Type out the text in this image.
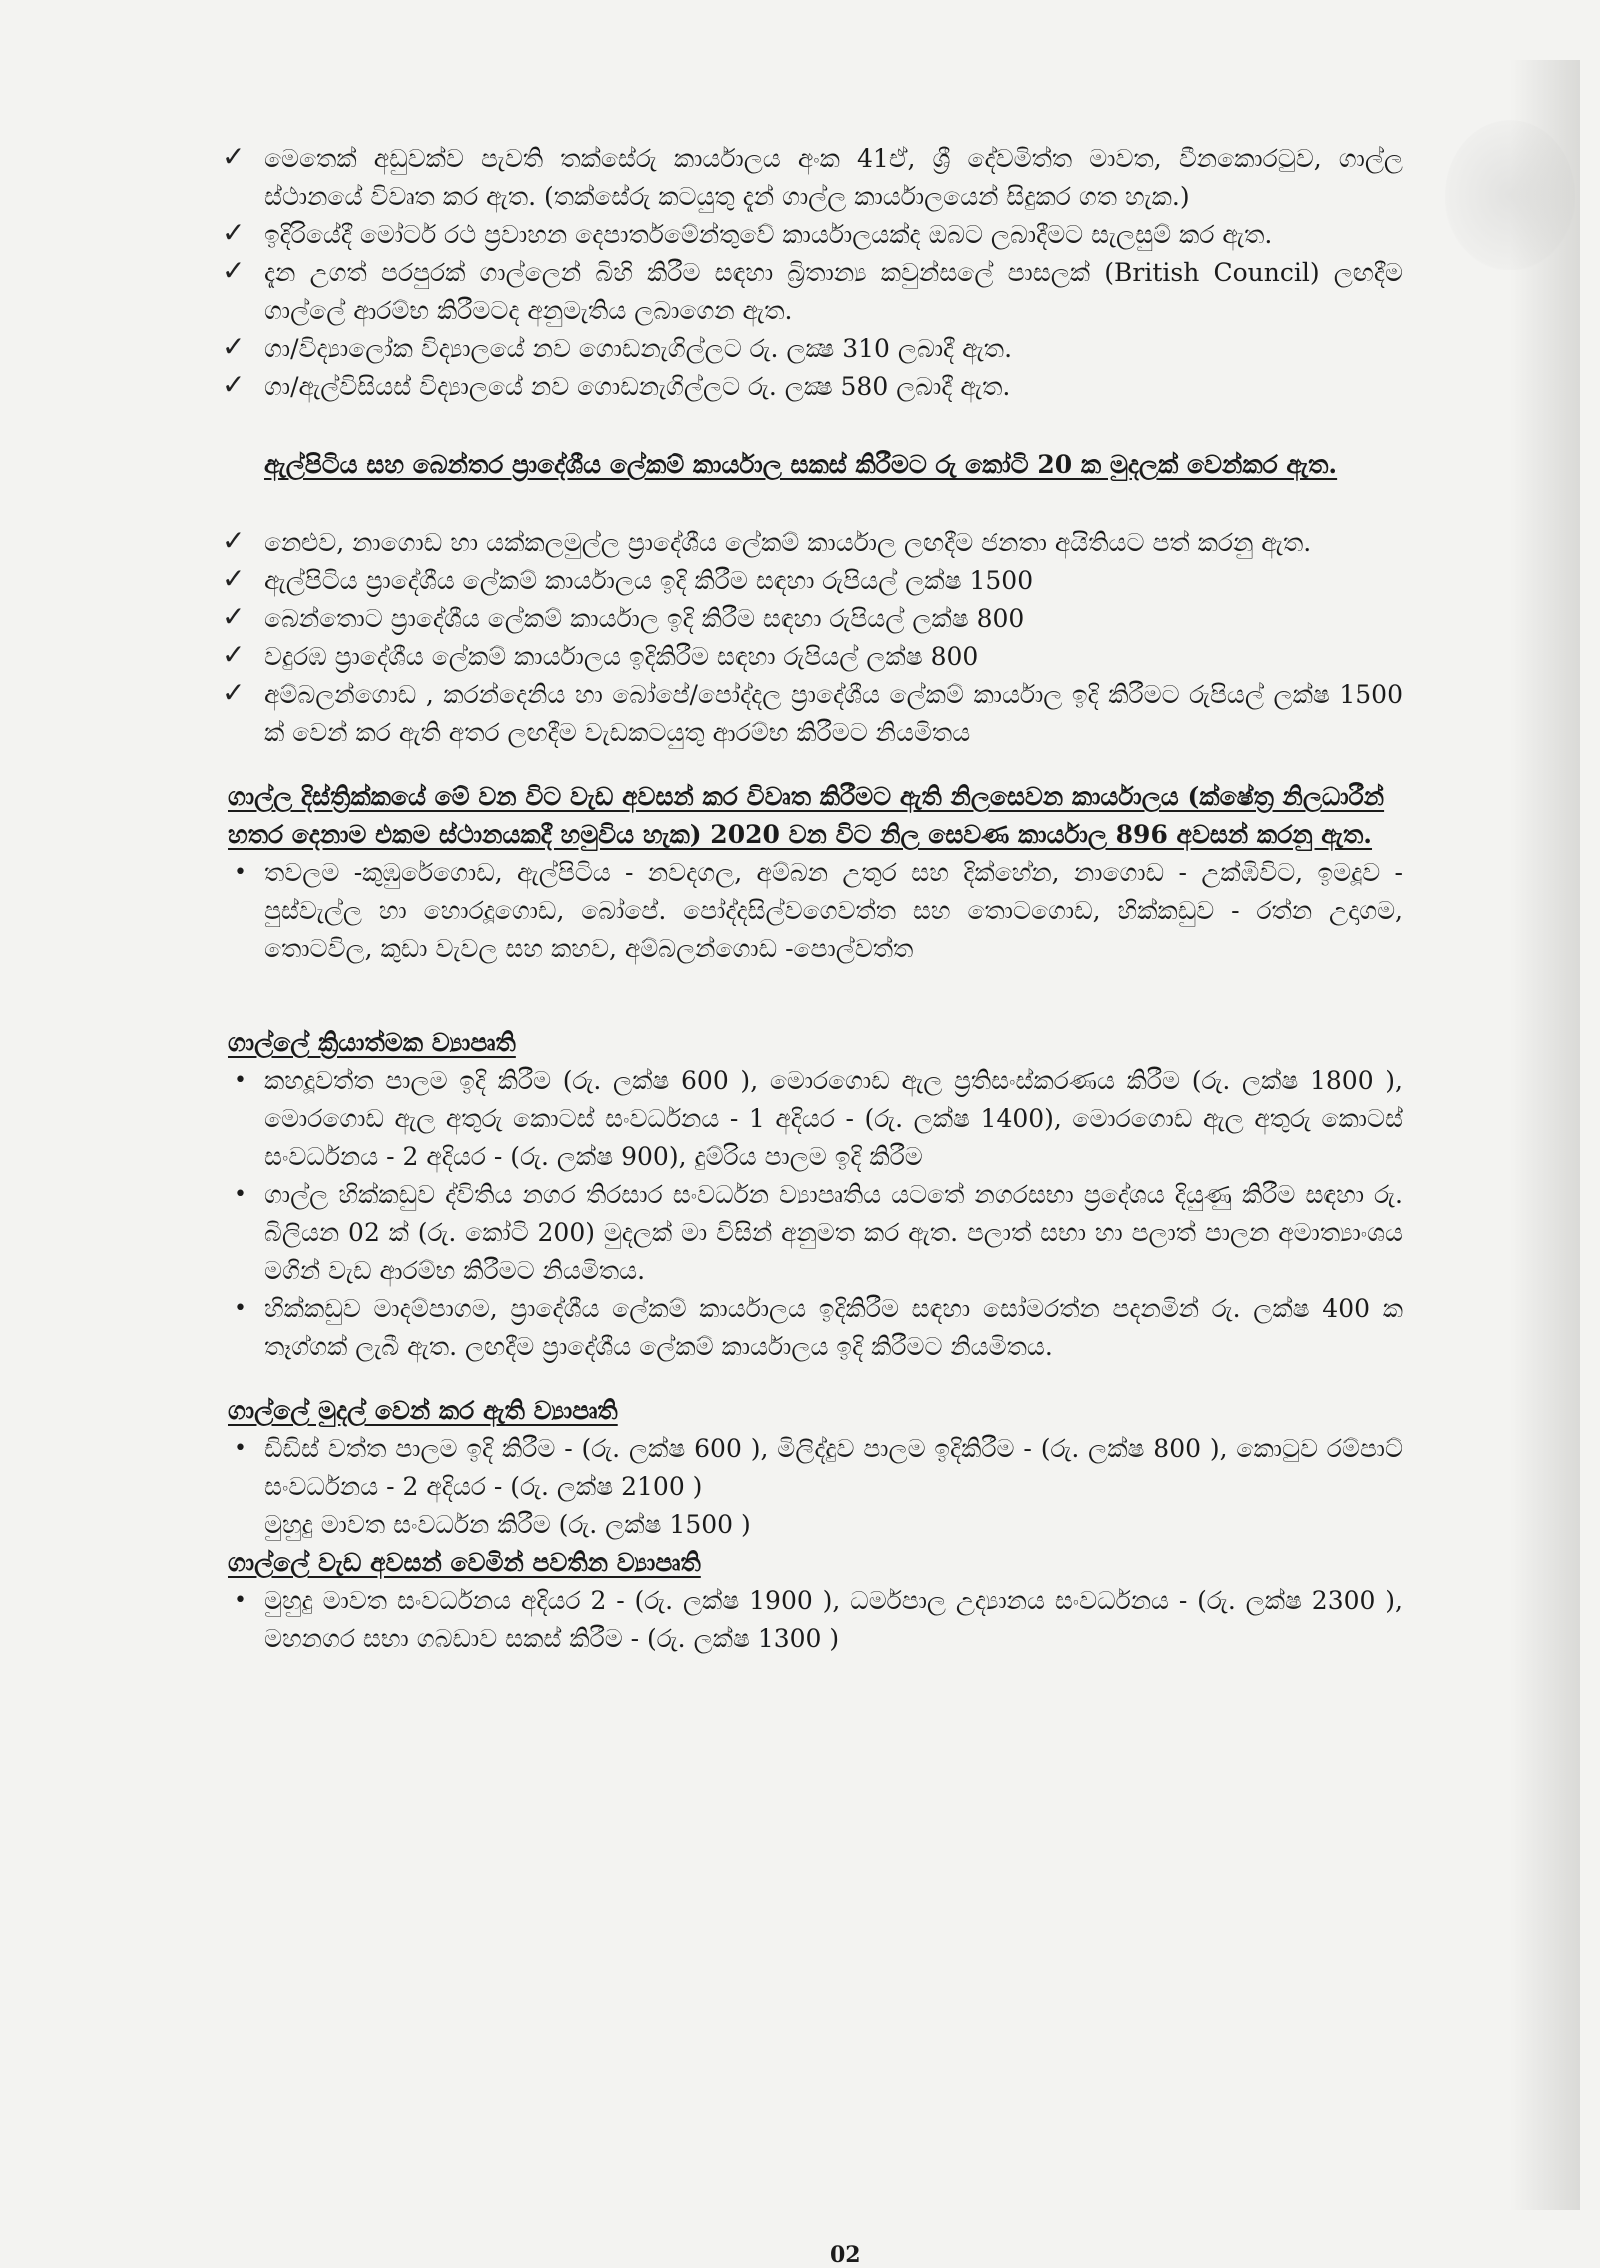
✓ මෙතෙක් අඩුවක්ව පැවති තක්සේරු කාර්යාලය අංක 41ඒ, ශ්‍රී දේවමිත්ත මාවත, වීනකොරටුව, ගාල්ල ස්ථානයේ විවෘත කර ඇත. (තක්සේරු කටයුතු දැන් ගාල්ල කාර්යාලයෙන් සිදුකර ගත හැක.)

✓ ඉදිරියේදී මෝටර් රථ ප්‍රවාහන දෙපාර්තමේන්තුවේ කාර්යාලයක්ද ඔබට ලබාදීමට සැලසුම් කර ඇත.

✓ දැන උගත් පරපුරක් ගාල්ලෙන් බිහි කිරීම සඳහා බ්‍රිතාන්‍ය කවුන්සලේ පාසලක් (British Council) ලඟදීම ගාල්ලේ ආරම්භ කිරීමටද අනුමැතිය ලබාගෙන ඇත.

✓ ගා/විද්‍යාලෝක විද්‍යාලයේ නව ගොඩනැගිල්ලට රු. ලක්‍ෂ 310 ලබාදී ඇත.

✓ ගා/ඇල්විසියස් විද්‍යාලයේ නව ගොඩනැගිල්ලට රු. ලක්‍ෂ 580 ලබාදී ඇත.

ඇල්පිටිය සහ බෙන්තර ප්‍රාදේශීය ලේකම් කාර්යාල සකස් කිරීමට රු කෝටි 20 ක මුදලක් වෙන්කර ඇත.

✓ නෙළුව, නාගොඩ හා යක්කලමුල්ල ප්‍රාදේශීය ලේකම් කාර්යාල ලඟදීම ජනතා අයිතියට පත් කරනු ඇත.

✓ ඇල්පිටිය ප්‍රාදේශීය ලේකම් කාර්යාලය ඉදි කිරීම සඳහා රුපියල් ලක්ෂ 1500

✓ බෙන්තොට ප්‍රාදේශීය ලේකම් කාර්යාල ඉදි කිරීම සඳහා රුපියල් ලක්ෂ 800

✓ වදුරඹ ප්‍රාදේශීය ලේකම් කාර්යාලය ඉදිකිරීම සඳහා රුපියල් ලක්ෂ 800

✓ අම්බලන්ගොඩ , කරන්දෙනිය හා බෝපේ/පෝද්දල ප්‍රාදේශීය ලේකම් කාර්යාල ඉදි කිරීමට රුපියල් ලක්ෂ 1500 ක් වෙන් කර ඇති අතර ලඟදීම වැඩකටයුතු ආරම්භ කිරීමට නියමිතය

ගාල්ල දිස්ත්‍රික්කයේ මේ වන විට වැඩ අවසන් කර විවෘත කිරීමට ඇති නිලසෙවන කාර්යාලය (ක්ෂේත්‍ර නිලධාරීන් හතර දෙනාම එකම ස්ථානයකදී හමුවිය හැක) 2020 වන විට නිල සෙවණ කාර්යාල 896 අවසන් කරනු ඇත.

• තවලම -කුඹුරේගොඩ, ඇල්පිටිය - නවදගල, අම්බන උතුර සහ දික්හේන, නාගොඩ - උක්ඹිවිට, ඉමදූව - පුස්වැල්ල හා හොරදූගොඩ, බෝපේ. පෝද්දසිල්වගෙවත්ත සහ තොටගොඩ, හික්කඩුව - රත්න උදාගම, තොටවිල, කුඩා වැවල සහ කහව, අම්බලන්ගොඩ -පොල්වත්ත

ගාල්ලේ ක්‍රියාත්මක ව්‍යාපෘති

• කහදූවත්ත පාලම ඉදි කිරීම (රු. ලක්ෂ 600 ), මොරගොඩ ඇල ප්‍රතිසංස්කරණය කිරීම (රු. ලක්ෂ 1800 ), මොරගොඩ ඇල අතුරු කොටස් සංවර්ධනය - 1 අදියර - (රු. ලක්ෂ 1400), මොරගොඩ ඇල අතුරු කොටස් සංවර්ධනය - 2 අදියර - (රු. ලක්ෂ 900), දුම්රිය පාලම ඉදි කිරීම

• ගාල්ල හික්කඩුව ද්විතිය නගර තිරසාර සංවර්ධන ව්‍යාපෘතිය යටතේ නගරසභා ප්‍රදේශය දියුණු කිරීම සඳහා රු. බිලියන 02 ක් (රු. කෝටි 200) මුදලක් මා විසින් අනුමත කර ඇත. පලාත් සභා හා පලාත් පාලන අමාත්‍යාංශය මගින් වැඩ ආරම්භ කිරීමට නියමිතය.

• හික්කඩුව මාදම්පාගම, ප්‍රාදේශීය ලේකම් කාර්යාලය ඉදිකිරීම සඳහා සෝමරත්න පදනමින් රු. ලක්ෂ 400 ක තෑග්ගක් ලැබී ඇත. ලඟදීම ප්‍රාදේශීය ලේකම් කාර්යාලය ඉදි කිරීමට නියමිතය.

ගාල්ලේ මුදල් වෙන් කර ඇති ව්‍යාපෘති

• ඩිඩිස් වත්ත පාලම ඉදි කිරීම - (රු. ලක්ෂ 600 ), මිලිද්දුව පාලම ඉදිකිරීම - (රු. ලක්ෂ 800 ), කොටුව රම්පාට් සංවර්ධනය - 2 අදියර - (රු. ලක්ෂ 2100 )

මුහුදු මාවත සංවර්ධන කිරීම (රු. ලක්ෂ 1500 )

ගාල්ලේ වැඩ අවසන් වෙමින් පවතින ව්‍යාපෘති

• මුහුදු මාවත සංවර්ධනය අදියර 2 - (රු. ලක්ෂ 1900 ), ධර්මපාල උද්‍යානය සංවර්ධනය - (රු. ලක්ෂ 2300 ), මහනගර සභා ගබඩාව සකස් කිරීම - (රු. ලක්ෂ 1300 )

02
